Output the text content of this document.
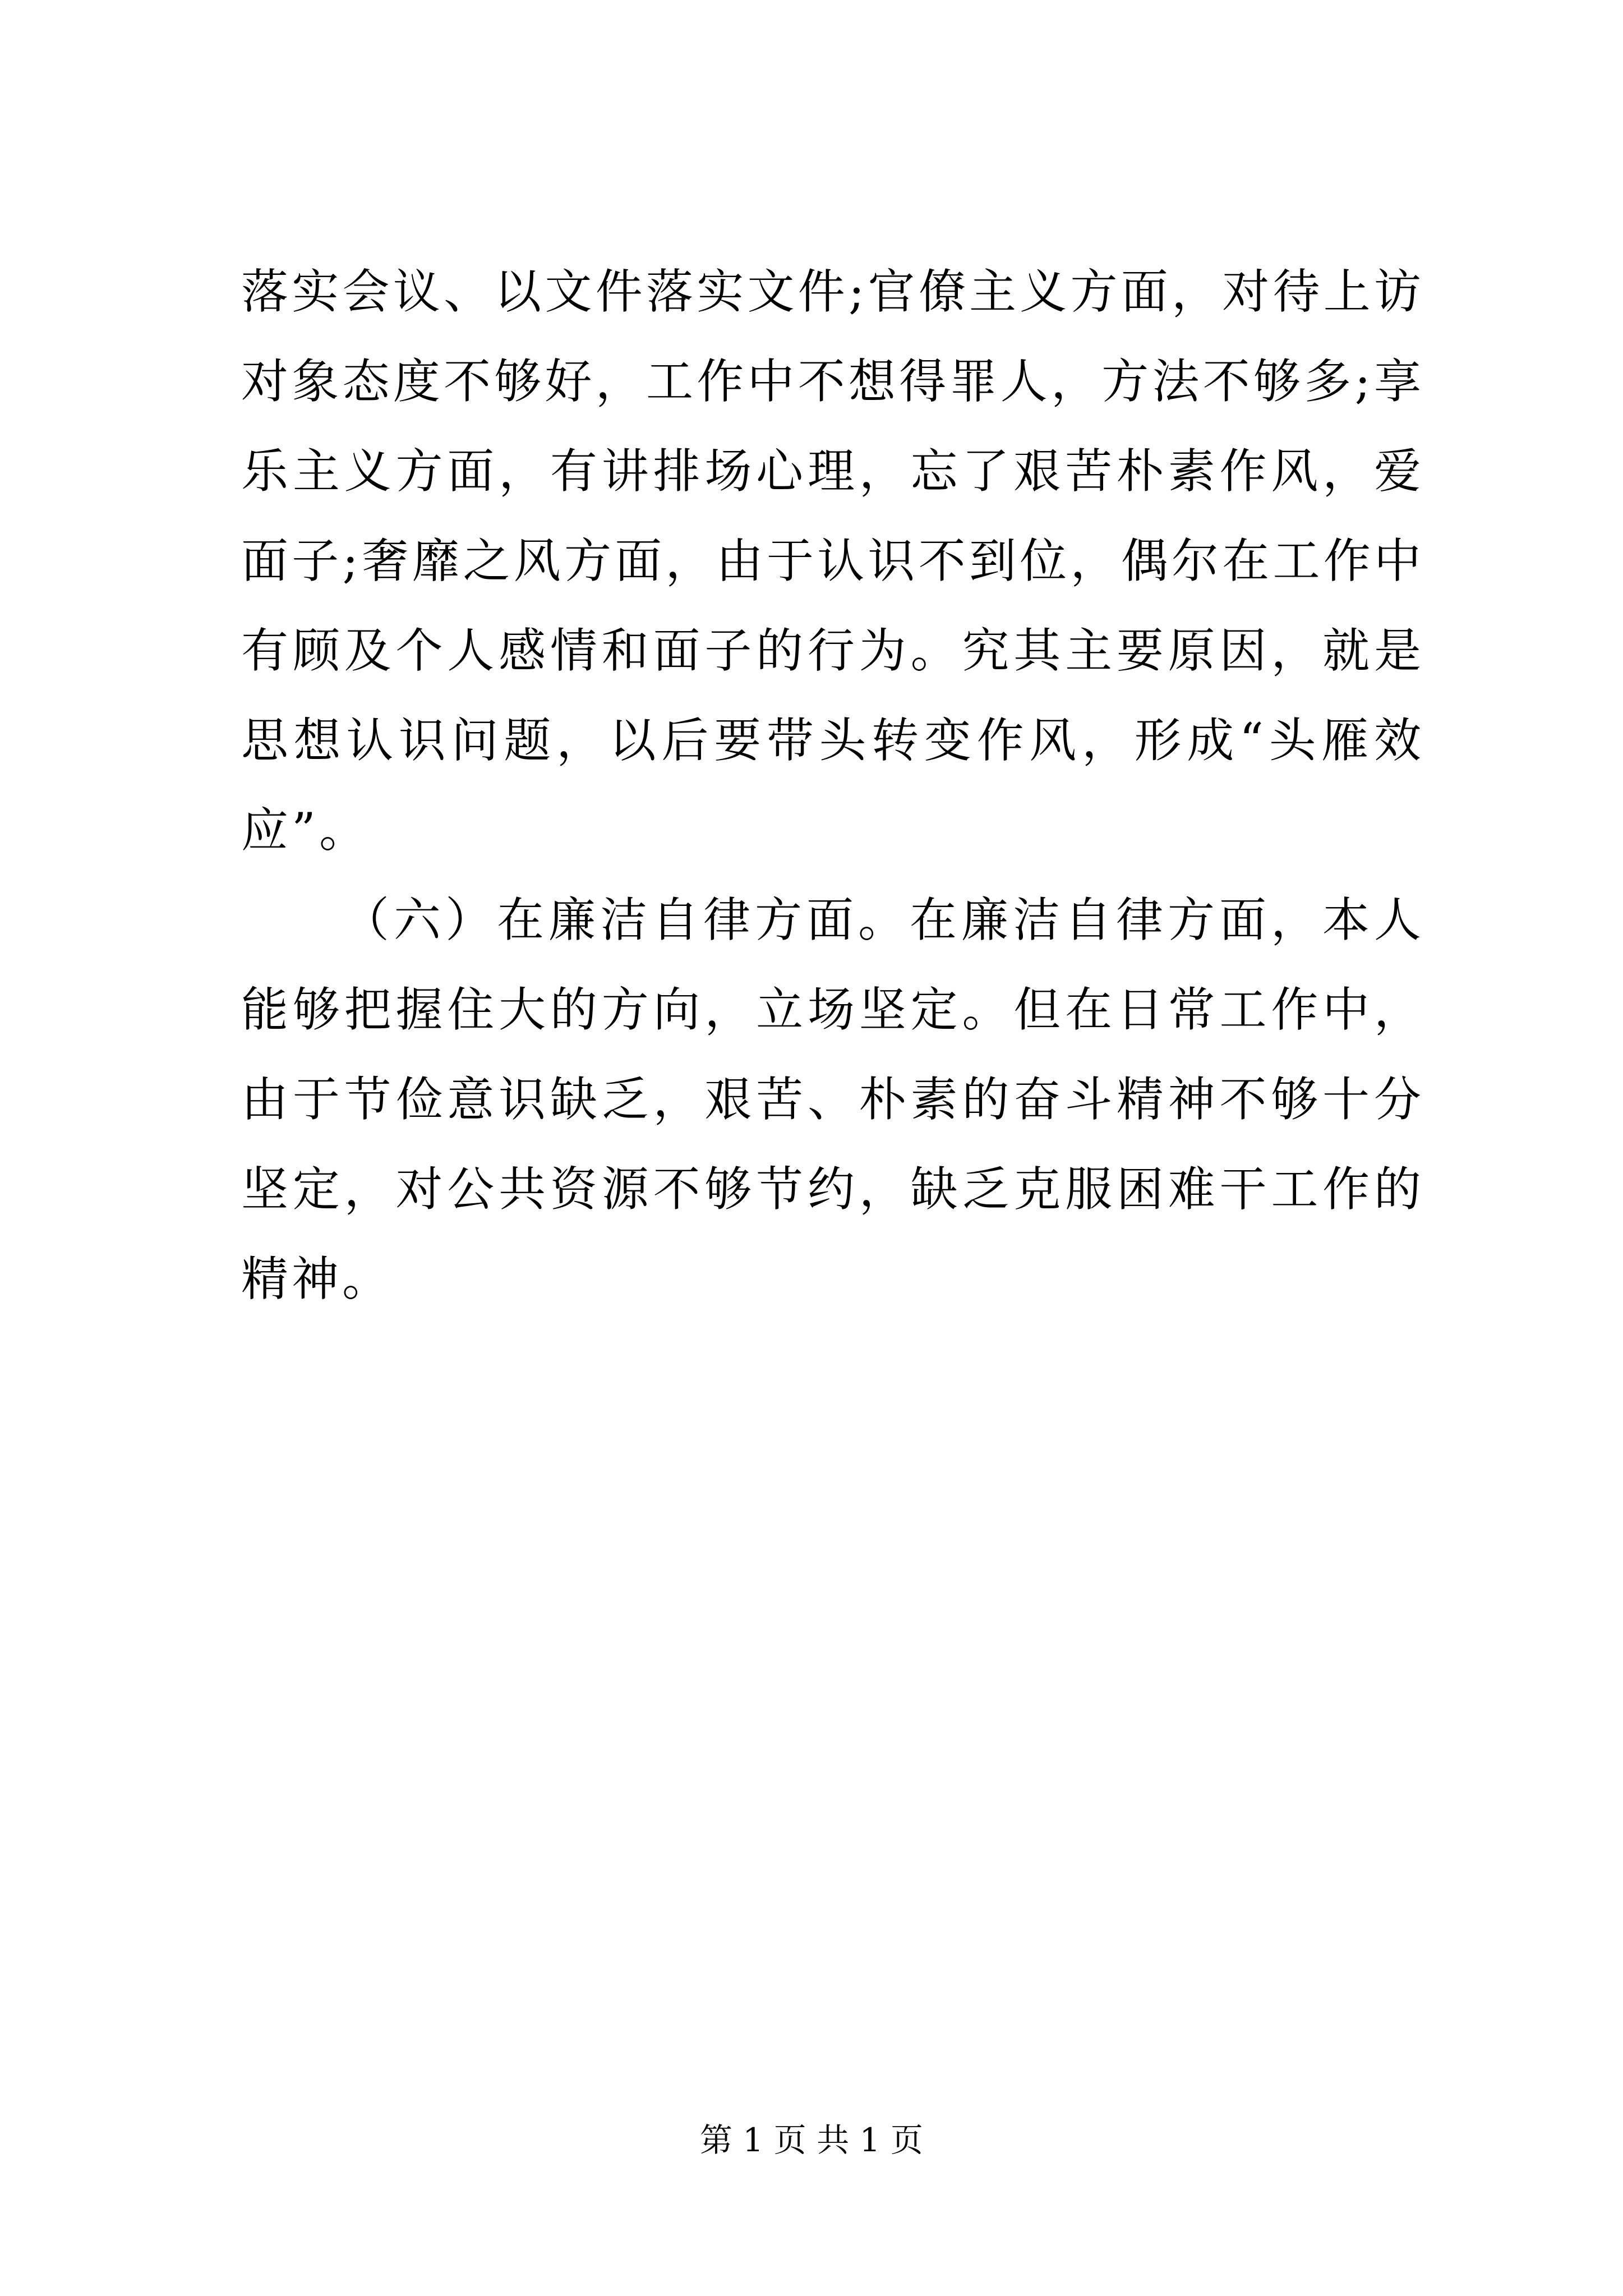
落实会议、以文件落实文件;官僚主义方面，对待上访对象态度不够好，工作中不想得罪人，方法不够多;享乐主义方面，有讲排场心理，忘了艰苦朴素作风，爱面子;奢靡之风方面，由于认识不到位，偶尔在工作中有顾及个人感情和面子的行为。究其主要原因，就是思想认识问题，以后要带头转变作风，形成“头雁效应”。

（六）在廉洁自律方面。在廉洁自律方面，本人能够把握住大的方向，立场坚定。但在日常工作中，由于节俭意识缺乏，艰苦、朴素的奋斗精神不够十分坚定，对公共资源不够节约，缺乏克服困难干工作的精神。

第 1 页 共 1 页
